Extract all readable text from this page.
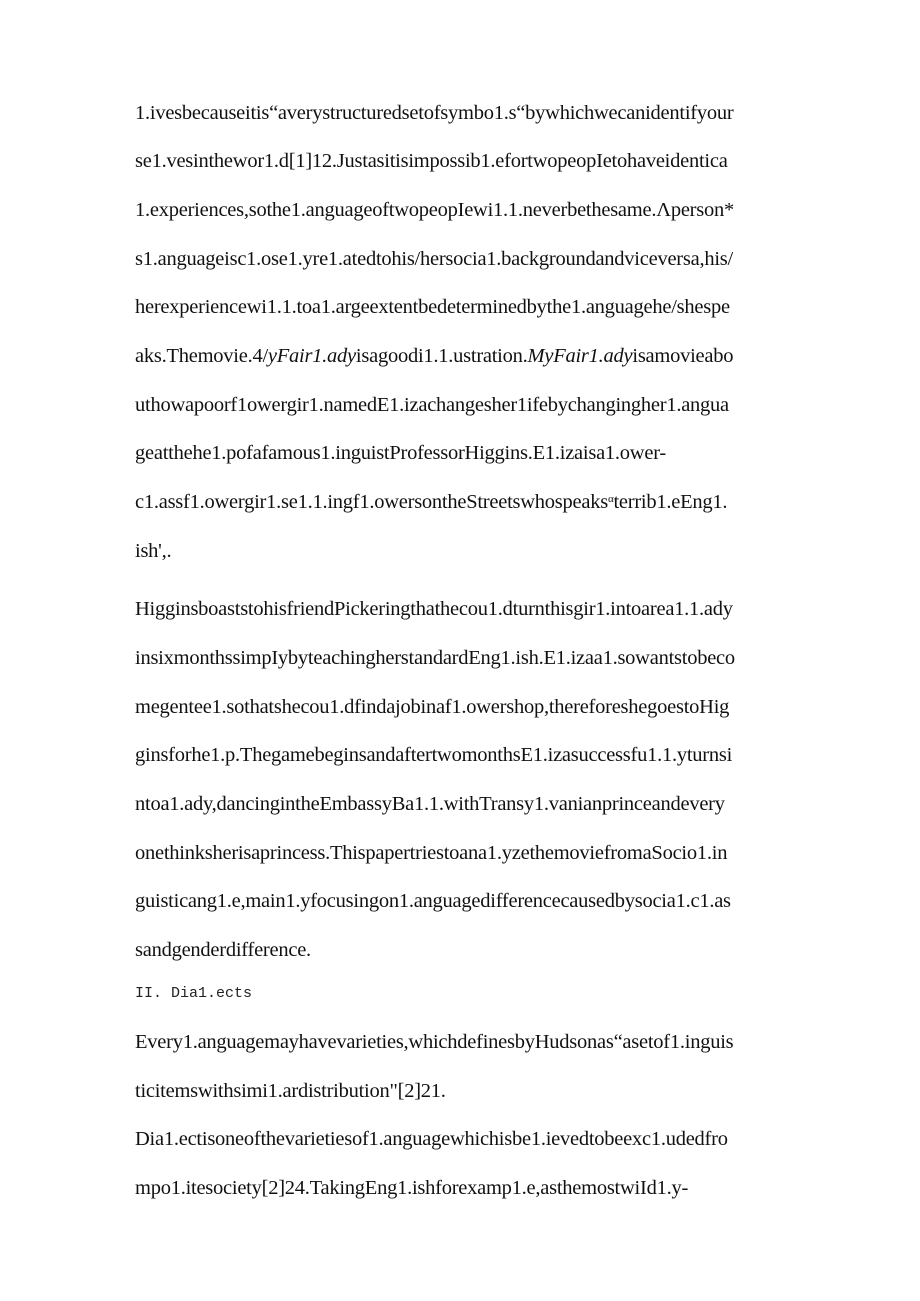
1.ivesbecauseitis“averystructuredsetofsymbo1.s“bywhichwecanidentifyour
se1.vesinthewor1.d[1]12.Justasitisimpossib1.efortwopeopIetohaveidentica
1.experiences,sothe1.anguageoftwopeopIewi1.1.neverbethesame.Λperson*
s1.anguageisc1.ose1.yre1.atedtohis/hersocia1.backgroundandviceversa,his/
herexperiencewi1.1.toa1.argeextentbedeterminedbythe1.anguagehe/shespe
aks.Themovie.4/yFair1.adyisagoodi1.1.ustration.MyFair1.adyisamovieabo
uthowapoorf1owergir1.namedE1.izachangesher1ifebychangingher1.angua
geatthehe1.pofafamous1.inguistProfessorHiggins.E1.izaisa1.ower-
c1.assf1.owergir1.se1.1.ingf1.owersontheStreetswhospeaks$^\alpha$terrib1.eEng1.
ish',.
HigginsboaststohisfriendPickeringthathecou1.dturnthisgir1.intoarea1.1.ady
insixmonthssimpIybyteachingherstandardEng1.ish.E1.izaa1.sowantstobeco
megentee1.sothatshecou1.dfindajobinaf1.owershop,thereforeshegoestoHig
ginsforhe1.p.ThegamebeginsandaftertwomonthsE1.izasuccessfu1.1.yturnsi
ntoa1.ady,dancingintheEmbassyBa1.1.withTransy1.vanianprinceandevery
onethinksherisaprincess.Thispapertriestoana1.yzethemoviefromaSocio1.in
guisticang1.e,main1.yfocusingon1.anguagedifferencecausedbysocia1.c1.as
sandgenderdifference.
II. Dia1.ects
Every1.anguagemayhavevarieties,whichdefinesbyHudsonas“asetof1.inguis
ticitemswithsimi1.ardistribution"[2]21.
Dia1.ectisoneofthevarietiesof1.anguagewhichisbe1.ievedtobeexc1.udedfro
mpo1.itesociety[2]24.TakingEng1.ishforexamp1.e,asthemostwiId1.y-
